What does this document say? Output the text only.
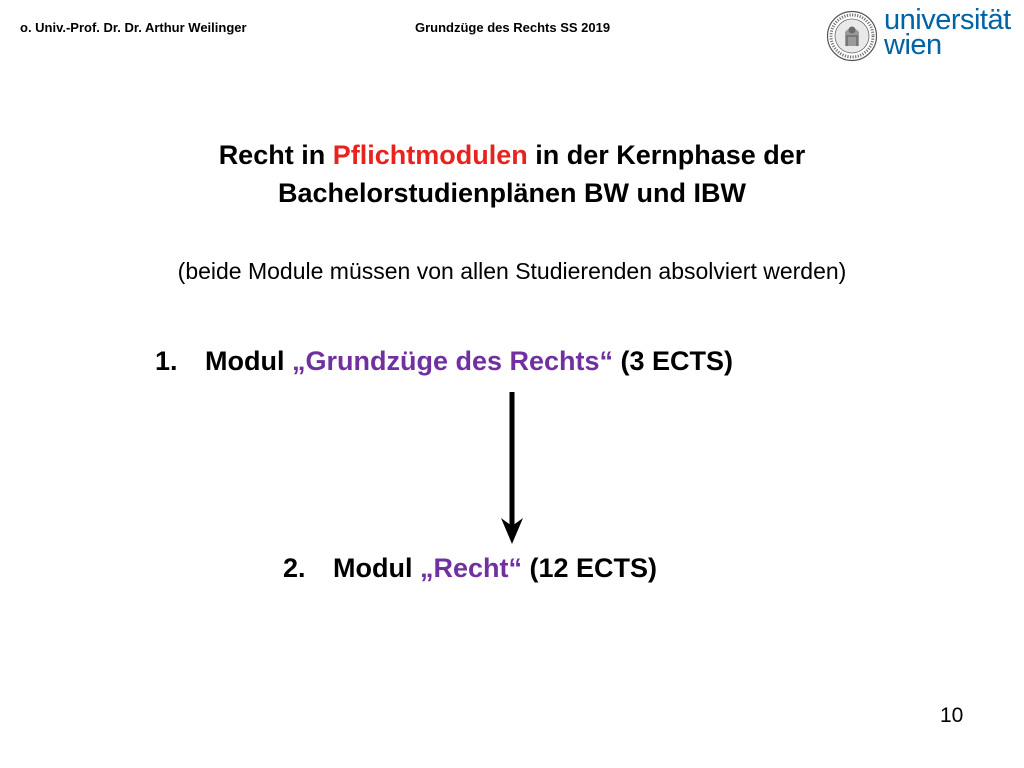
o. Univ.-Prof. Dr. Dr. Arthur Weilinger	Grundzüge des Rechts SS 2019	universität
wien
Recht in Pflichtmodulen in der Kernphase der
Bachelorstudienplänen BW und IBW
(beide Module müssen von allen Studierenden absolviert werden)
1. Modul „Grundzüge des Rechts“ (3 ECTS)
2. Modul „Recht“ (12 ECTS)
10
